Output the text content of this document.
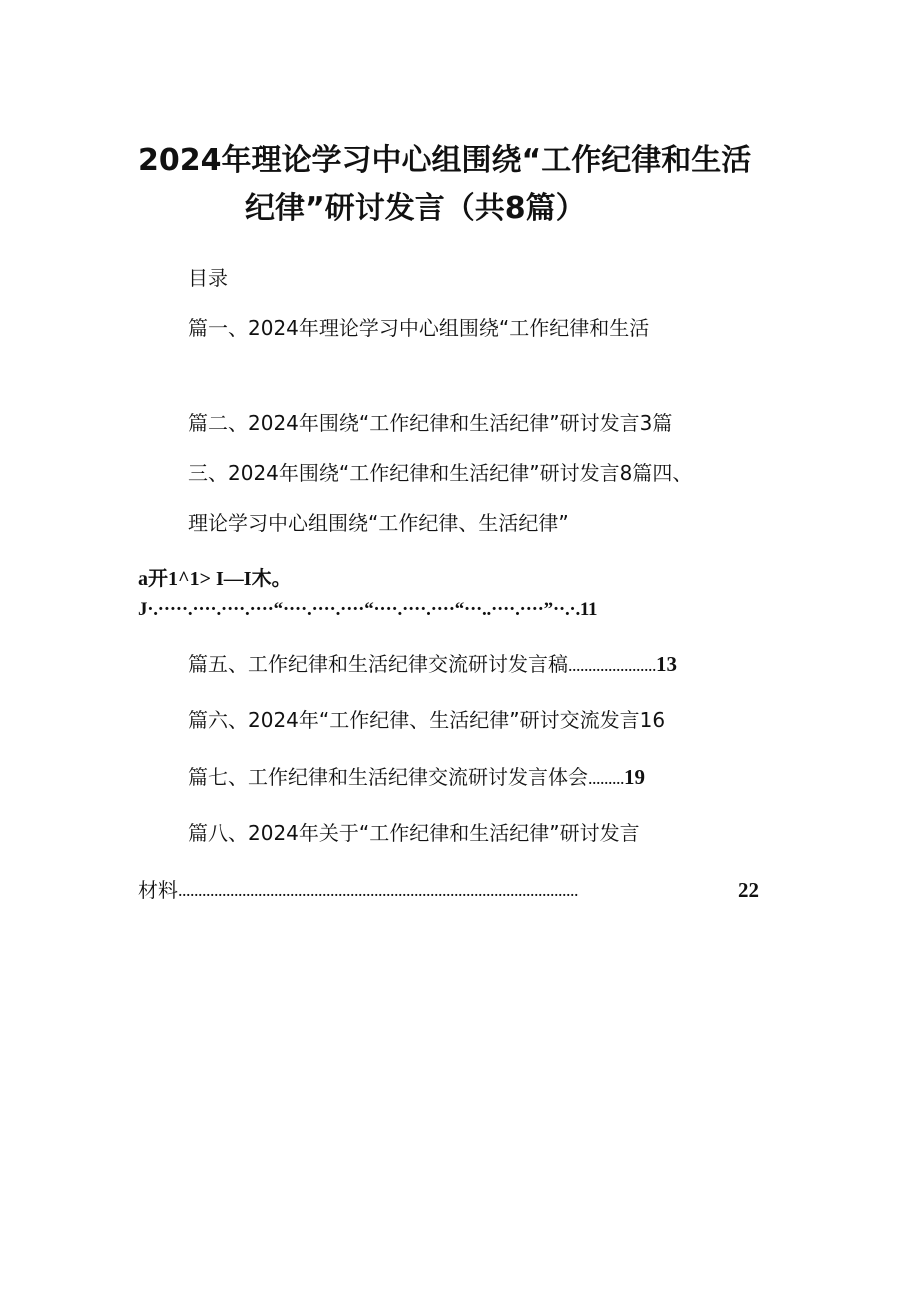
2024年理论学习中心组围绕“工作纪律和生活
纪律”研讨发言（共8篇）
目录
篇一、2024年理论学习中心组围绕“工作纪律和生活
篇二、2024年围绕“工作纪律和生活纪律”研讨发言3篇
三、2024年围绕“工作纪律和生活纪律”研讨发言8篇四、
理论学习中心组围绕“工作纪律、生活纪律”
a开1^1> I—I木。
J·.·····.····.····.····“····.····.····“····.····.····“···..····.····”··.·.11
篇五、工作纪律和生活纪律交流研讨发言稿......................13
篇六、2024年“工作纪律、生活纪律”研讨交流发言16
篇七、工作纪律和生活纪律交流研讨发言体会.........19
篇八、2024年关于“工作纪律和生活纪律”研讨发言
材料....................................................................................................	22
